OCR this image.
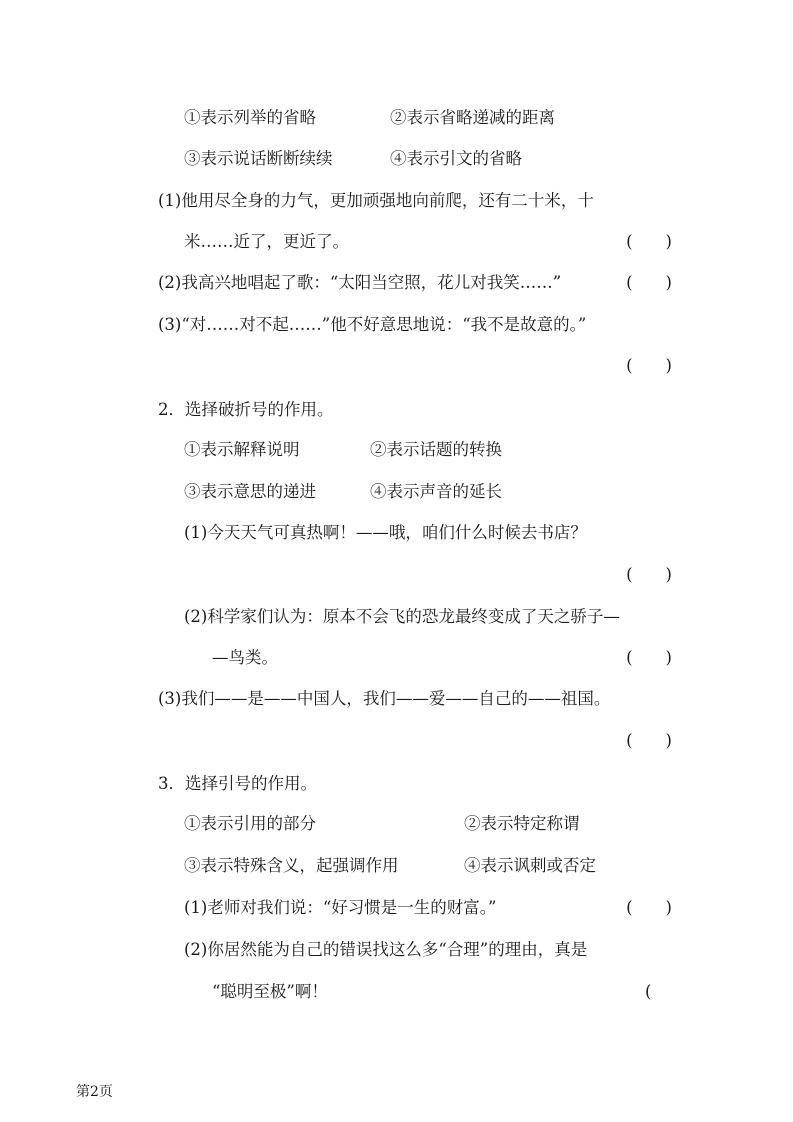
①表示列举的省略	②表示省略递减的距离
③表示说话断断续续	④表示引文的省略
(1)他用尽全身的力气，更加顽强地向前爬，还有二十米，十
米……近了，更近了。	(　　)
(2)我高兴地唱起了歌：“太阳当空照，花儿对我笑……”	(　　)
(3)“对……对不起……”他不好意思地说：“我不是故意的。”
(　　)
2．选择破折号的作用。
①表示解释说明	②表示话题的转换
③表示意思的递进	④表示声音的延长
(1)今天天气可真热啊！——哦，咱们什么时候去书店？
(　　)
(2)科学家们认为：原本不会飞的恐龙最终变成了天之骄子—
—鸟类。	(　　)
(3)我们——是——中国人，我们——爱——自己的——祖国。
(　　)
3．选择引号的作用。
①表示引用的部分	②表示特定称谓
③表示特殊含义，起强调作用	④表示讽刺或否定
(1)老师对我们说：“好习惯是一生的财富。”	(　　)
(2)你居然能为自己的错误找这么多“合理”的理由，真是
“聪明至极”啊！	(
第2页
